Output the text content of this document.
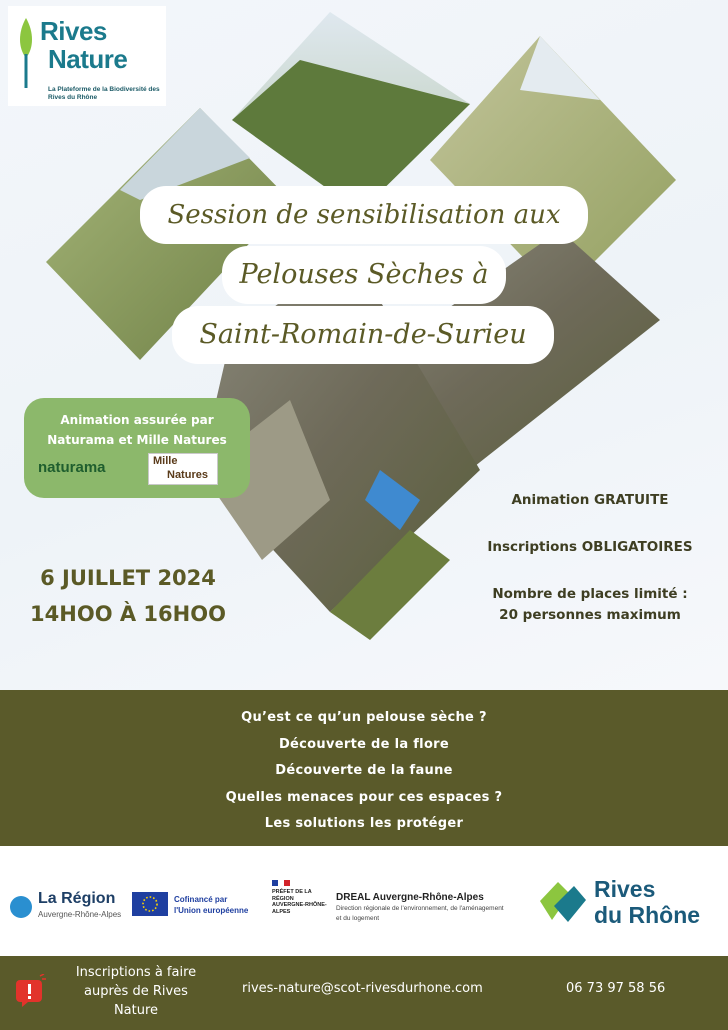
Rives
Nature
La Plateforme de la Biodiversité des Rives du Rhône
Session de sensibilisation aux
Pelouses Sèches à
Saint-Romain-de-Surieu
Animation assurée par
Naturama et Mille Natures
naturama	Mille
Natures
6 JUILLET 2024
14HOO À 16HOO
Animation GRATUITE
Inscriptions OBLIGATOIRES
Nombre de places limité :
20 personnes maximum
Qu’est ce qu’un pelouse sèche ?
Découverte de la flore
Découverte de la faune
Quelles menaces pour ces espaces ?
Les solutions les protéger
La Région
Auvergne-Rhône-Alpes
Cofinancé par
l'Union européenne
PRÉFET DE LA RÉGION AUVERGNE-RHÔNE-ALPES
DREAL Auvergne-Rhône-Alpes
Direction régionale de l'environnement, de l'aménagement
et du logement
Rives
du Rhône
Inscriptions à faire auprès de Rives Nature
rives-nature@scot-rivesdurhone.com	06 73 97 58 56
